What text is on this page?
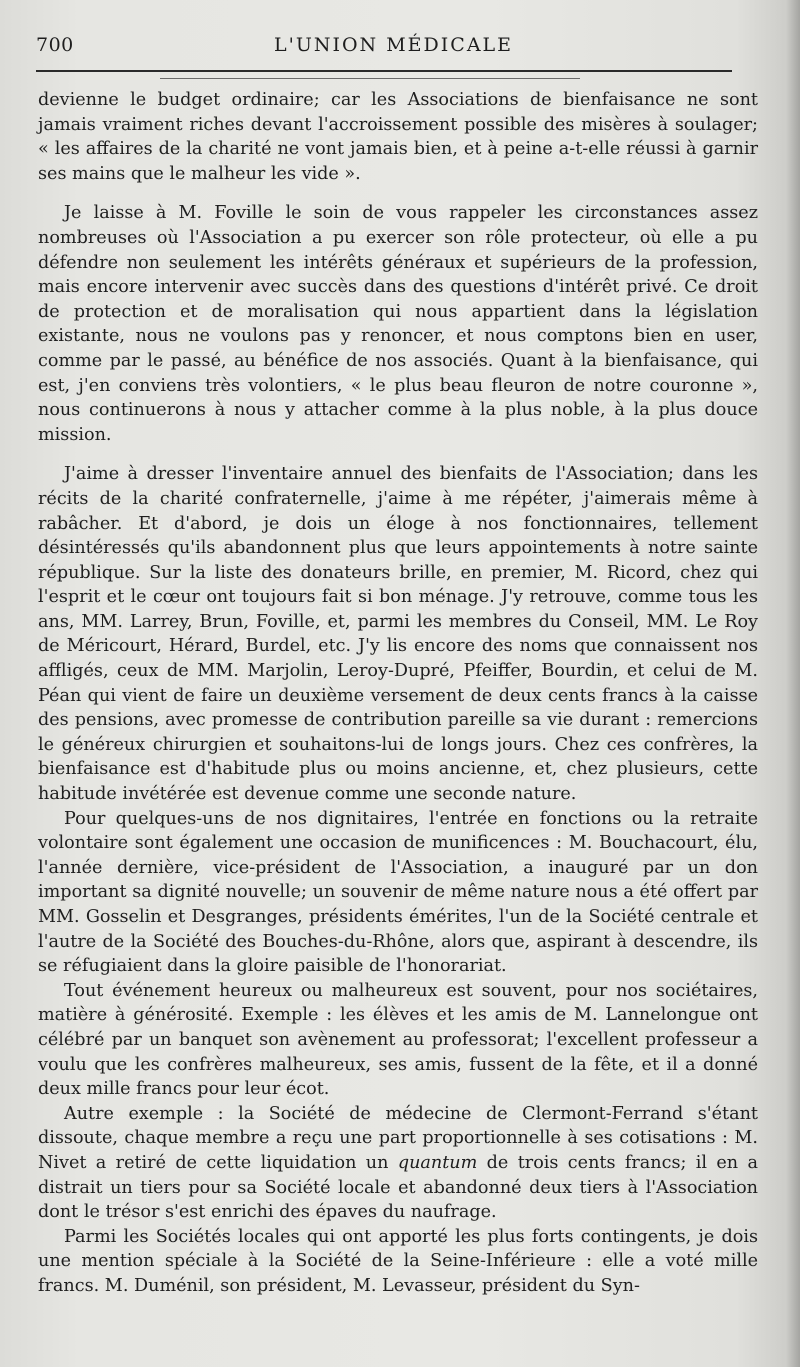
700	L'UNION MÉDICALE

devienne le budget ordinaire; car les Associations de bienfaisance ne sont jamais vraiment riches devant l'accroissement possible des misères à soulager; « les affaires de la charité ne vont jamais bien, et à peine a-t-elle réussi à garnir ses mains que le malheur les vide ».

Je laisse à M. Foville le soin de vous rappeler les circonstances assez nombreuses où l'Association a pu exercer son rôle protecteur, où elle a pu défendre non seulement les intérêts généraux et supérieurs de la profession, mais encore intervenir avec succès dans des questions d'intérêt privé. Ce droit de protection et de moralisation qui nous appartient dans la législation existante, nous ne voulons pas y renoncer, et nous comptons bien en user, comme par le passé, au bénéfice de nos associés. Quant à la bienfaisance, qui est, j'en conviens très volontiers, « le plus beau fleuron de notre couronne », nous continuerons à nous y attacher comme à la plus noble, à la plus douce mission.

J'aime à dresser l'inventaire annuel des bienfaits de l'Association; dans les récits de la charité confraternelle, j'aime à me répéter, j'aimerais même à rabâcher. Et d'abord, je dois un éloge à nos fonctionnaires, tellement désintéressés qu'ils abandonnent plus que leurs appointements à notre sainte république. Sur la liste des donateurs brille, en premier, M. Ricord, chez qui l'esprit et le cœur ont toujours fait si bon ménage. J'y retrouve, comme tous les ans, MM. Larrey, Brun, Foville, et, parmi les membres du Conseil, MM. Le Roy de Méricourt, Hérard, Burdel, etc. J'y lis encore des noms que connaissent nos affligés, ceux de MM. Marjolin, Leroy-Dupré, Pfeiffer, Bourdin, et celui de M. Péan qui vient de faire un deuxième versement de deux cents francs à la caisse des pensions, avec promesse de contribution pareille sa vie durant : remercions le généreux chirurgien et souhaitons-lui de longs jours. Chez ces confrères, la bienfaisance est d'habitude plus ou moins ancienne, et, chez plusieurs, cette habitude invétérée est devenue comme une seconde nature.

Pour quelques-uns de nos dignitaires, l'entrée en fonctions ou la retraite volontaire sont également une occasion de munificences : M. Bouchacourt, élu, l'année dernière, vice-président de l'Association, a inauguré par un don important sa dignité nouvelle; un souvenir de même nature nous a été offert par MM. Gosselin et Desgranges, présidents émérites, l'un de la Société centrale et l'autre de la Société des Bouches-du-Rhône, alors que, aspirant à descendre, ils se réfugiaient dans la gloire paisible de l'honorariat.

Tout événement heureux ou malheureux est souvent, pour nos sociétaires, matière à générosité. Exemple : les élèves et les amis de M. Lannelongue ont célébré par un banquet son avènement au professorat; l'excellent professeur a voulu que les confrères malheureux, ses amis, fussent de la fête, et il a donné deux mille francs pour leur écot.

Autre exemple : la Société de médecine de Clermont-Ferrand s'étant dissoute, chaque membre a reçu une part proportionnelle à ses cotisations : M. Nivet a retiré de cette liquidation un quantum de trois cents francs; il en a distrait un tiers pour sa Société locale et abandonné deux tiers à l'Association dont le trésor s'est enrichi des épaves du naufrage.

Parmi les Sociétés locales qui ont apporté les plus forts contingents, je dois une mention spéciale à la Société de la Seine-Inférieure : elle a voté mille francs. M. Duménil, son président, M. Levasseur, président du Syn-
